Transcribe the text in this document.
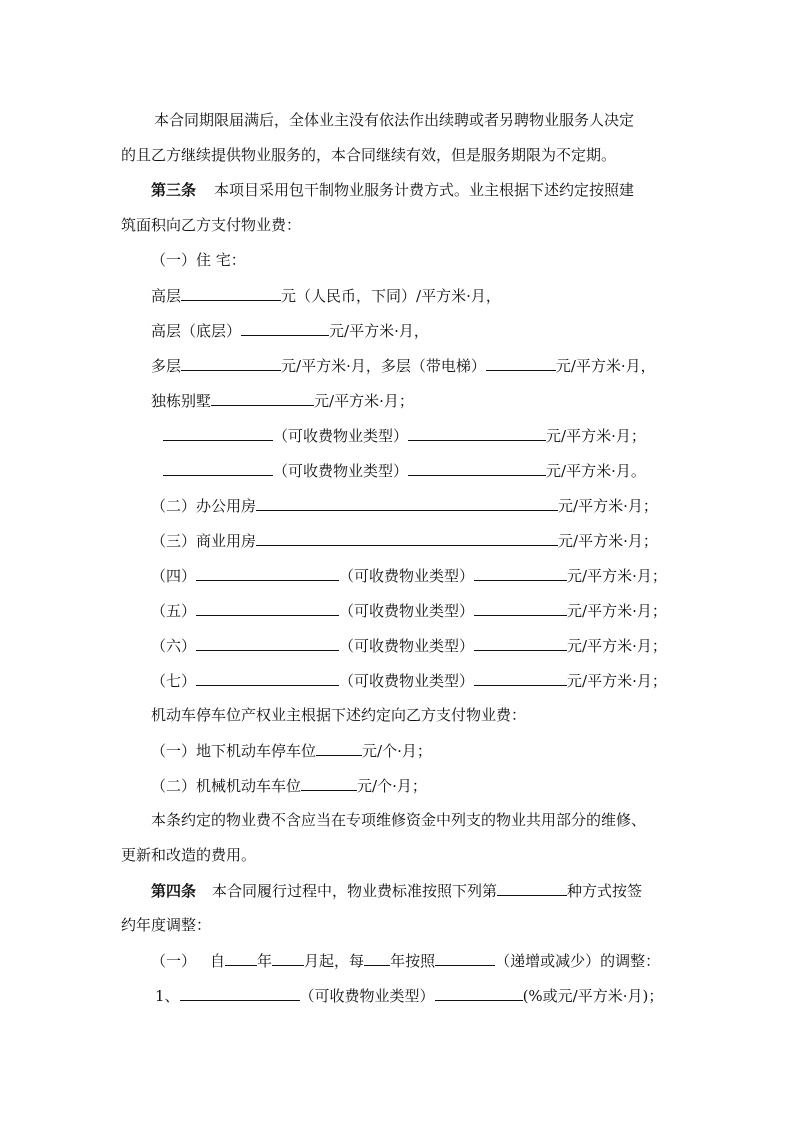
本合同期限届满后，全体业主没有依法作出续聘或者另聘物业服务人决定
的且乙方继续提供物业服务的，本合同继续有效，但是服务期限为不定期。
第三条 本项目采用包干制物业服务计费方式。业主根据下述约定按照建
筑面积向乙方支付物业费：
（一）住 宅：
高层	元（人民币，下同）/平方米·月，
高层（底层）	元/平方米·月，
多层	元/平方米·月，多层（带电梯）	元/平方米·月，
独栋别墅	元/平方米·月；
（可收费物业类型）	元/平方米·月；
（可收费物业类型）	元/平方米·月。
（二）办公用房	元/平方米·月；
（三）商业用房	元/平方米·月；
（四）	（可收费物业类型）	元/平方米·月；
（五）	（可收费物业类型）	元/平方米·月；
（六）	（可收费物业类型）	元/平方米·月；
（七）	（可收费物业类型）	元/平方米·月；
机动车停车位产权业主根据下述约定向乙方支付物业费：
（一）地下机动车停车位	元/个·月；
（二）机械机动车车位	元/个·月；
本条约定的物业费不含应当在专项维修资金中列支的物业共用部分的维修、
更新和改造的费用。
第四条 本合同履行过程中，物业费标准按照下列第	种方式按签
约年度调整：
（一） 自 年 月起，每 年按照	（递增或减少）的调整：
1、	（可收费物业类型）	(%或元/平方米·月)；
